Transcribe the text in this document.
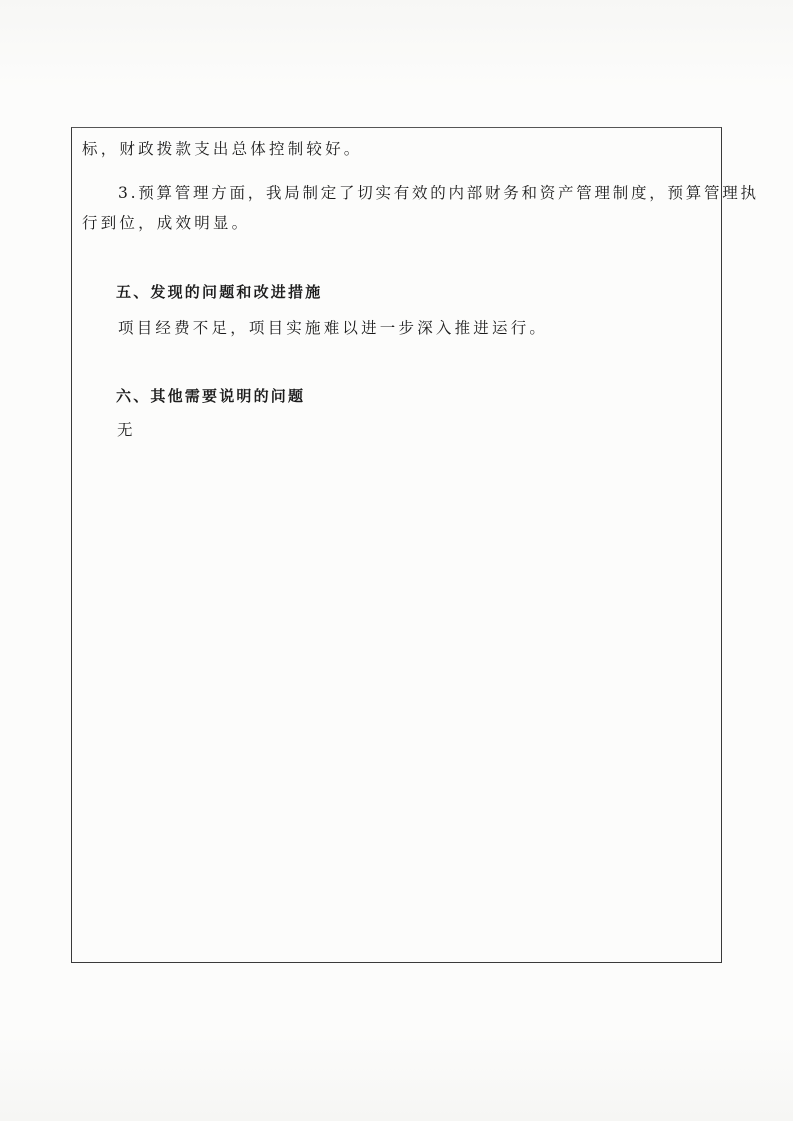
标，财政拨款支出总体控制较好。
3.预算管理方面，我局制定了切实有效的内部财务和资产管理制度，预算管理执
行到位，成效明显。
五、发现的问题和改进措施
项目经费不足，项目实施难以进一步深入推进运行。
六、其他需要说明的问题
无
